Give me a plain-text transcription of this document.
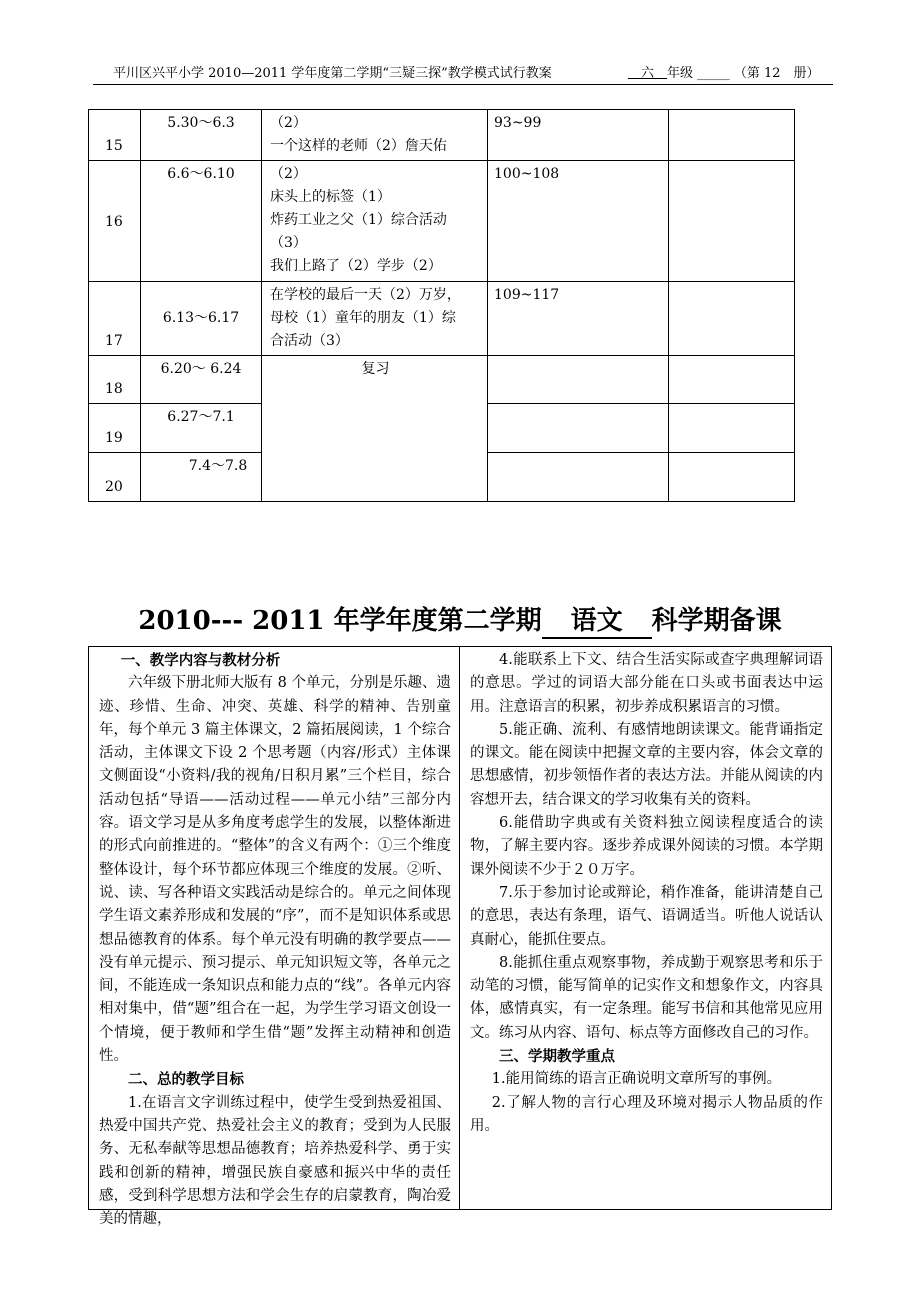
平川区兴平小学 2010—2011 学年度第二学期“三疑三探”教学模式试行教案
 	六  年级 _____ （第 12　册）
15	5.30～6.3	（2）
一个这样的老师（2）詹天佑	93~99	
16	6.6～6.10	（2）
床头上的标签（1）
炸药工业之父（1）综合活动
（3）
我们上路了（2）学步（2）	100~108	
17	6.13～6.17	在学校的最后一天（2）万岁，
母校（1）童年的朋友（1）综
合活动（3）	109~117	
18	6.20～ 6.24	复习		

19	6.27～7.1			
20	7.4～7.8			
2010--- 2011 年学年度第二学期 语文 科学期备课

一、教学内容与教材分析

六年级下册北师大版有 8 个单元，分别是乐趣、遗迹、珍惜、生命、冲突、英雄、科学的精神、告别童年，每个单元 3 篇主体课文，2 篇拓展阅读，1 个综合活动，主体课文下设 2 个思考题（内容/形式）主体课文侧面设“小资料/我的视角/日积月累”三个栏目，综合活动包括“导语——活动过程——单元小结”三部分内容。语文学习是从多角度考虑学生的发展，以整体渐进的形式向前推进的。“整体”的含义有两个：①三个维度整体设计，每个环节都应体现三个维度的发展。②听、说、读、写各种语文实践活动是综合的。单元之间体现学生语文素养形成和发展的“序”，而不是知识体系或思想品德教育的体系。每个单元没有明确的教学要点——没有单元提示、预习提示、单元知识短文等，各单元之间，不能连成一条知识点和能力点的“线”。各单元内容相对集中，借“题”组合在一起，为学生学习语文创设一个情境，便于教师和学生借“题”发挥主动精神和创造性。

二、总的教学目标

1.在语言文字训练过程中，使学生受到热爱祖国、热爱中国共产党、热爱社会主义的教育；受到为人民服务、无私奉献等思想品德教育；培养热爱科学、勇于实践和创新的精神，增强民族自豪感和振兴中华的责任感，受到科学思想方法和学会生存的启蒙教育，陶冶爱美的情趣，

4.能联系上下文、结合生活实际或查字典理解词语的意思。学过的词语大部分能在口头或书面表达中运用。注意语言的积累，初步养成积累语言的习惯。

5.能正确、流利、有感情地朗读课文。能背诵指定的课文。能在阅读中把握文章的主要内容，体会文章的思想感情，初步领悟作者的表达方法。并能从阅读的内容想开去，结合课文的学习收集有关的资料。

6.能借助字典或有关资料独立阅读程度适合的读物，了解主要内容。逐步养成课外阅读的习惯。本学期课外阅读不少于２０万字。

7.乐于参加讨论或辩论，稍作准备，能讲清楚自己的意思，表达有条理，语气、语调适当。听他人说话认真耐心，能抓住要点。

8.能抓住重点观察事物，养成勤于观察思考和乐于动笔的习惯，能写简单的记实作文和想象作文，内容具体，感情真实，有一定条理。能写书信和其他常见应用文。练习从内容、语句、标点等方面修改自己的习作。

三、学期教学重点

1.能用简练的语言正确说明文章所写的事例。

2.了解人物的言行心理及环境对揭示人物品质的作用。
